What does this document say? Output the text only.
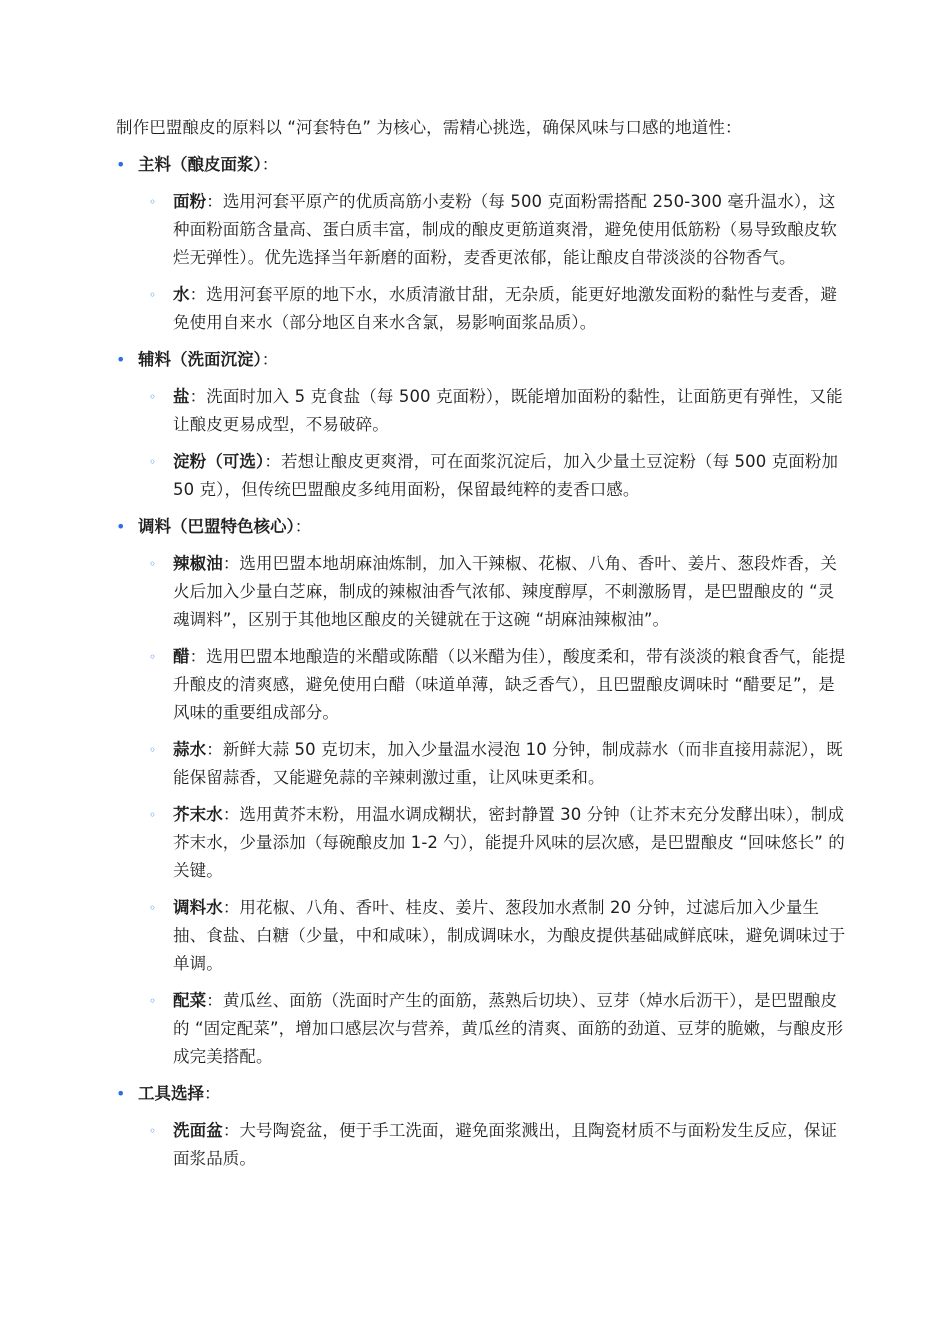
制作巴盟酿皮的原料以 “河套特色” 为核心，需精心挑选，确保风味与口感的地道性：

• 主料（酿皮面浆）：
◦ 面粉：选用河套平原产的优质高筋小麦粉（每 500 克面粉需搭配 250-300 毫升温水），这种面粉面筋含量高、蛋白质丰富，制成的酿皮更筋道爽滑，避免使用低筋粉（易导致酿皮软烂无弹性）。优先选择当年新磨的面粉，麦香更浓郁，能让酿皮自带淡淡的谷物香气。
◦ 水：选用河套平原的地下水，水质清澈甘甜，无杂质，能更好地激发面粉的黏性与麦香，避免使用自来水（部分地区自来水含氯，易影响面浆品质）。
• 辅料（洗面沉淀）：
◦ 盐：洗面时加入 5 克食盐（每 500 克面粉），既能增加面粉的黏性，让面筋更有弹性，又能让酿皮更易成型，不易破碎。
◦ 淀粉（可选）：若想让酿皮更爽滑，可在面浆沉淀后，加入少量土豆淀粉（每 500 克面粉加 50 克），但传统巴盟酿皮多纯用面粉，保留最纯粹的麦香口感。
• 调料（巴盟特色核心）：
◦ 辣椒油：选用巴盟本地胡麻油炼制，加入干辣椒、花椒、八角、香叶、姜片、葱段炸香，关火后加入少量白芝麻，制成的辣椒油香气浓郁、辣度醇厚，不刺激肠胃，是巴盟酿皮的 “灵魂调料”，区别于其他地区酿皮的关键就在于这碗 “胡麻油辣椒油”。
◦ 醋：选用巴盟本地酿造的米醋或陈醋（以米醋为佳），酸度柔和，带有淡淡的粮食香气，能提升酿皮的清爽感，避免使用白醋（味道单薄，缺乏香气），且巴盟酿皮调味时 “醋要足”，是风味的重要组成部分。
◦ 蒜水：新鲜大蒜 50 克切末，加入少量温水浸泡 10 分钟，制成蒜水（而非直接用蒜泥），既能保留蒜香，又能避免蒜的辛辣刺激过重，让风味更柔和。
◦ 芥末水：选用黄芥末粉，用温水调成糊状，密封静置 30 分钟（让芥末充分发酵出味），制成芥末水，少量添加（每碗酿皮加 1-2 勺），能提升风味的层次感，是巴盟酿皮 “回味悠长” 的关键。
◦ 调料水：用花椒、八角、香叶、桂皮、姜片、葱段加水煮制 20 分钟，过滤后加入少量生抽、食盐、白糖（少量，中和咸味），制成调味水，为酿皮提供基础咸鲜底味，避免调味过于单调。
◦ 配菜：黄瓜丝、面筋（洗面时产生的面筋，蒸熟后切块）、豆芽（焯水后沥干），是巴盟酿皮的 “固定配菜”，增加口感层次与营养，黄瓜丝的清爽、面筋的劲道、豆芽的脆嫩，与酿皮形成完美搭配。
• 工具选择：
◦ 洗面盆：大号陶瓷盆，便于手工洗面，避免面浆溅出，且陶瓷材质不与面粉发生反应，保证面浆品质。
